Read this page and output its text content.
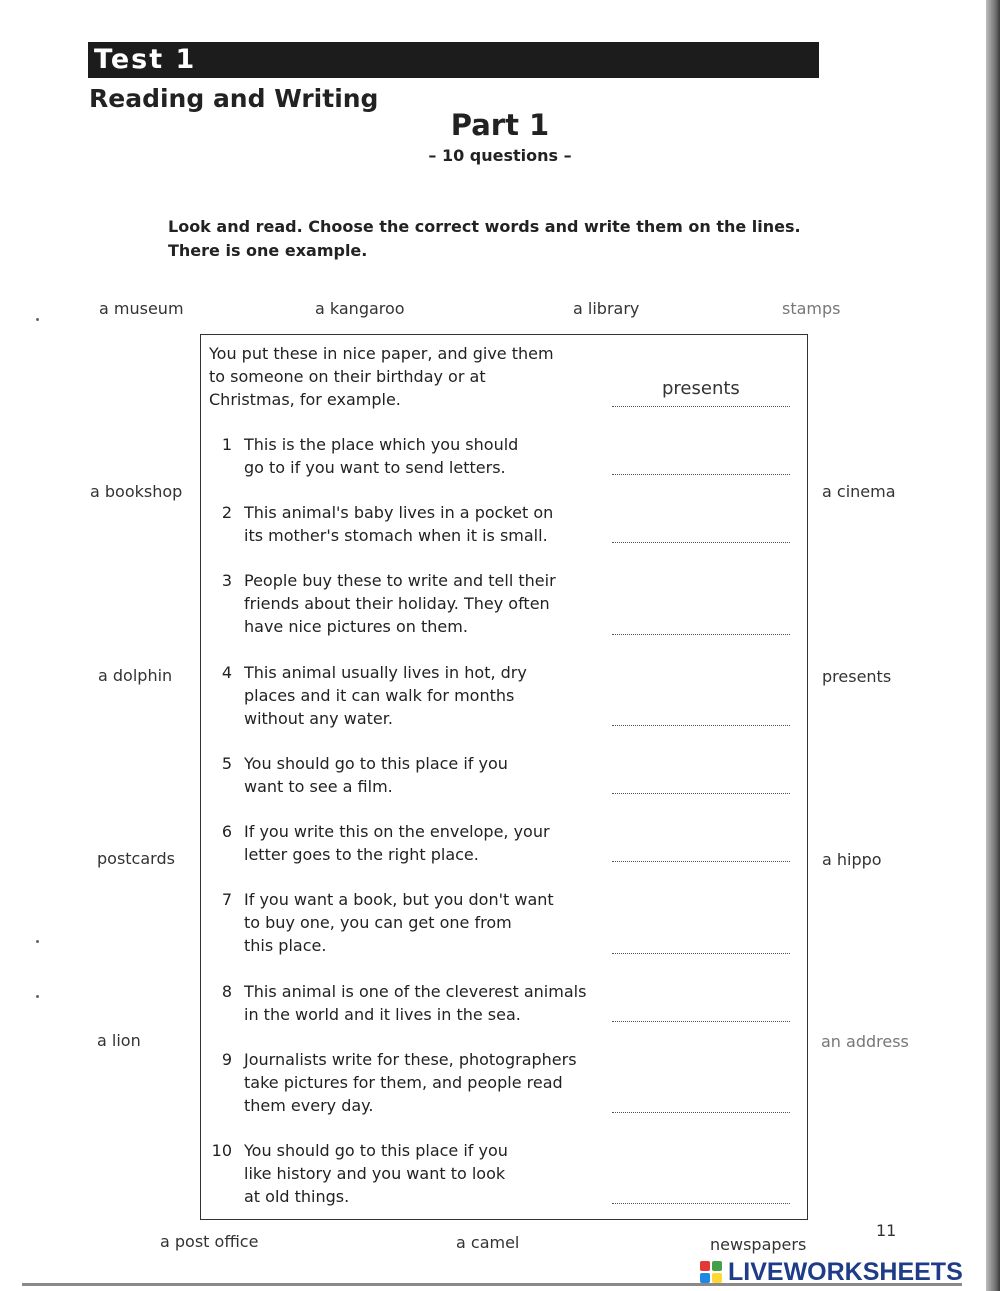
Test 1
Reading and Writing
Part 1
– 10 questions –
Look and read. Choose the correct words and write them on the lines.
There is one example.
a museum	a kangaroo	a library	stamps
a bookshop
a dolphin
postcards
a lion
a cinema
presents
a hippo
an address
a post office	a camel	newspapers
You put these in nice paper, and give them
to someone on their birthday or at
Christmas, for example.
presents
1 This is the place which you should
go to if you want to send letters.
2 This animal's baby lives in a pocket on
its mother's stomach when it is small.
3 People buy these to write and tell their
friends about their holiday. They often
have nice pictures on them.
4 This animal usually lives in hot, dry
places and it can walk for months
without any water.
5 You should go to this place if you
want to see a film.
6 If you write this on the envelope, your
letter goes to the right place.
7 If you want a book, but you don't want
to buy one, you can get one from
this place.
8 This animal is one of the cleverest animals
in the world and it lives in the sea.
9 Journalists write for these, photographers
take pictures for them, and people read
them every day.
10 You should go to this place if you
like history and you want to look
at old things.
11
LIVEWORKSHEETS
